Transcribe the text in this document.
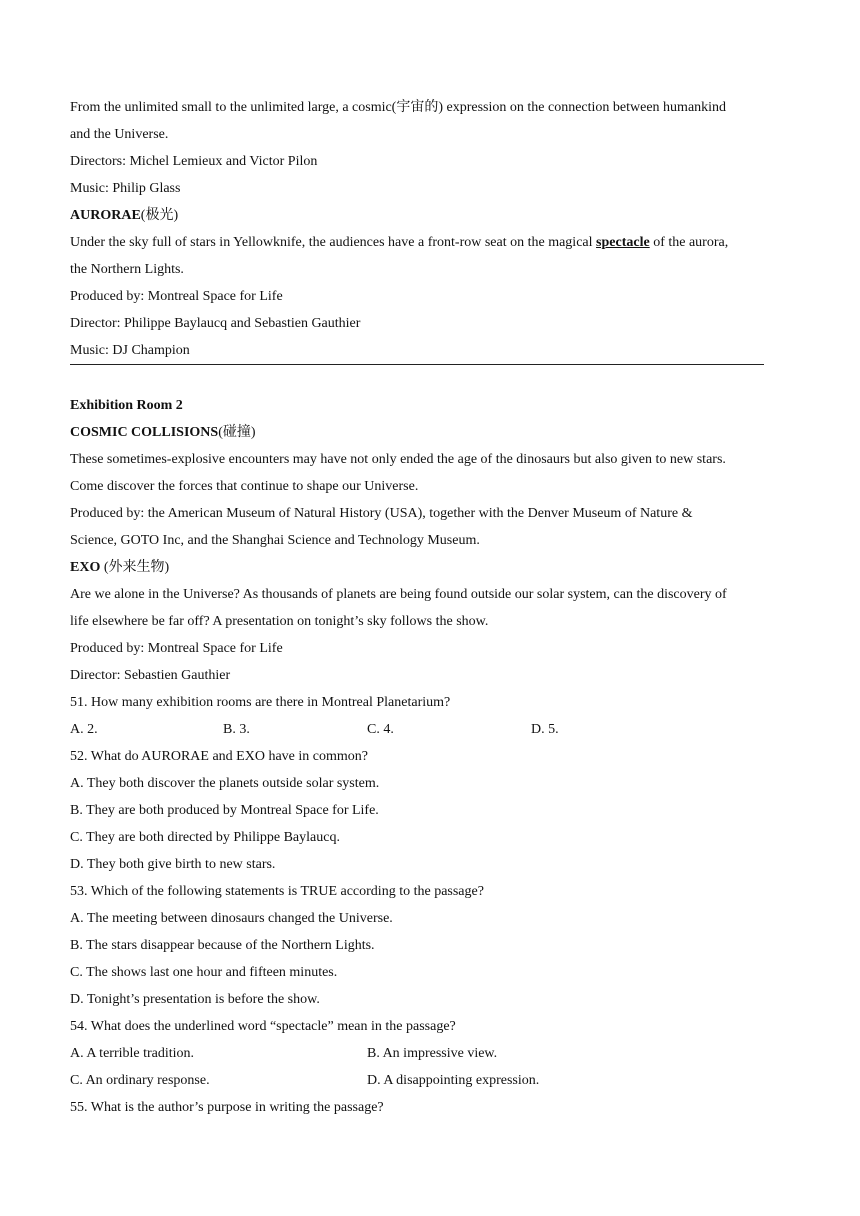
From the unlimited small to the unlimited large, a cosmic(宇宙的) expression on the connection between humankind
and the Universe.
Directors: Michel Lemieux and Victor Pilon
Music: Philip Glass
AURORAE(极光)
Under the sky full of stars in Yellowknife, the audiences have a front-row seat on the magical spectacle of the aurora,
the Northern Lights.
Produced by: Montreal Space for Life
Director: Philippe Baylaucq and Sebastien Gauthier
Music: DJ Champion
Exhibition Room 2
COSMIC COLLISIONS(碰撞)
These sometimes-explosive encounters may have not only ended the age of the dinosaurs but also given to new stars.
Come discover the forces that continue to shape our Universe.
Produced by: the American Museum of Natural History (USA), together with the Denver Museum of Nature &
Science, GOTO Inc, and the Shanghai Science and Technology Museum.
EXO (外来生物)
Are we alone in the Universe? As thousands of planets are being found outside our solar system, can the discovery of
life elsewhere be far off? A presentation on tonight’s sky follows the show.
Produced by: Montreal Space for Life
Director: Sebastien Gauthier
51. How many exhibition rooms are there in Montreal Planetarium?
A. 2.	B. 3.	C. 4.	D. 5.
52. What do AURORAE and EXO have in common?
A. They both discover the planets outside solar system.
B. They are both produced by Montreal Space for Life.
C. They are both directed by Philippe Baylaucq.
D. They both give birth to new stars.
53. Which of the following statements is TRUE according to the passage?
A. The meeting between dinosaurs changed the Universe.
B. The stars disappear because of the Northern Lights.
C. The shows last one hour and fifteen minutes.
D. Tonight’s presentation is before the show.
54. What does the underlined word “spectacle” mean in the passage?
A. A terrible tradition.	B. An impressive view.
C. An ordinary response.	D. A disappointing expression.
55. What is the author’s purpose in writing the passage?
